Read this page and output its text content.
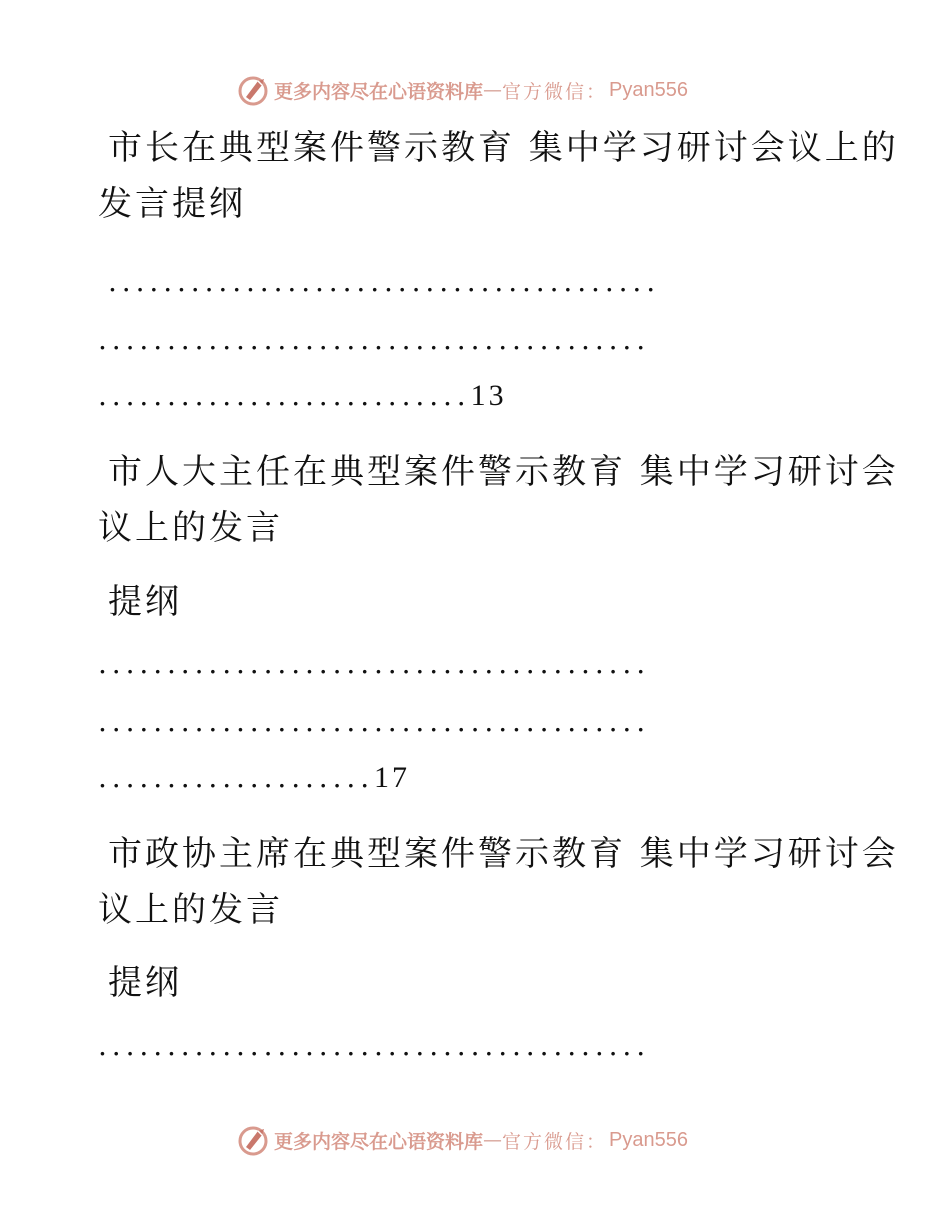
更多内容尽在心语资料库 — 官方微信： Pyan556
市长在典型案件警示教育 集中学习研讨会议上的
发言提纲
........................................
........................................
...........................13
市人大主任在典型案件警示教育 集中学习研讨会
议上的发言
提纲
........................................
........................................
....................17
市政协主席在典型案件警示教育 集中学习研讨会
议上的发言
提纲
........................................
更多内容尽在心语资料库 — 官方微信： Pyan556
